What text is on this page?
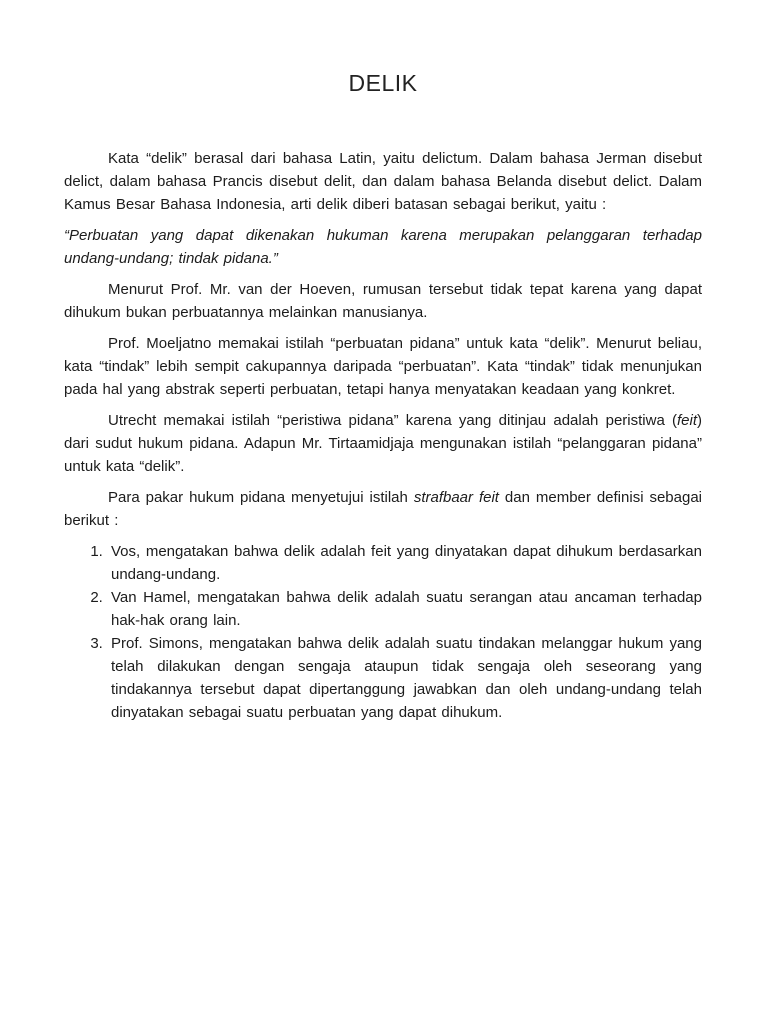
DELIK

Kata “delik” berasal dari bahasa Latin, yaitu delictum. Dalam bahasa Jerman disebut delict, dalam bahasa Prancis disebut delit, dan dalam bahasa Belanda disebut delict. Dalam Kamus Besar Bahasa Indonesia, arti delik diberi batasan sebagai berikut, yaitu :

“Perbuatan yang dapat dikenakan hukuman karena merupakan pelanggaran terhadap undang-undang; tindak pidana.”

Menurut Prof. Mr. van der Hoeven, rumusan tersebut tidak tepat karena yang dapat dihukum bukan perbuatannya melainkan manusianya.

Prof. Moeljatno memakai istilah “perbuatan pidana” untuk kata “delik”. Menurut beliau, kata “tindak” lebih sempit cakupannya daripada “perbuatan”. Kata “tindak” tidak menunjukan pada hal yang abstrak seperti perbuatan, tetapi hanya menyatakan keadaan yang konkret.

Utrecht memakai istilah “peristiwa pidana” karena yang ditinjau adalah peristiwa (feit) dari sudut hukum pidana. Adapun Mr. Tirtaamidjaja mengunakan istilah “pelanggaran pidana” untuk kata “delik”.

Para pakar hukum pidana menyetujui istilah strafbaar feit dan member definisi sebagai berikut :

1. Vos, mengatakan bahwa delik adalah feit yang dinyatakan dapat dihukum berdasarkan undang-undang.
2. Van Hamel, mengatakan bahwa delik adalah suatu serangan atau ancaman terhadap hak-hak orang lain.
3. Prof. Simons, mengatakan bahwa delik adalah suatu tindakan melanggar hukum yang telah dilakukan dengan sengaja ataupun tidak sengaja oleh seseorang yang tindakannya tersebut dapat dipertanggung jawabkan dan oleh undang-undang telah dinyatakan sebagai suatu perbuatan yang dapat dihukum.
